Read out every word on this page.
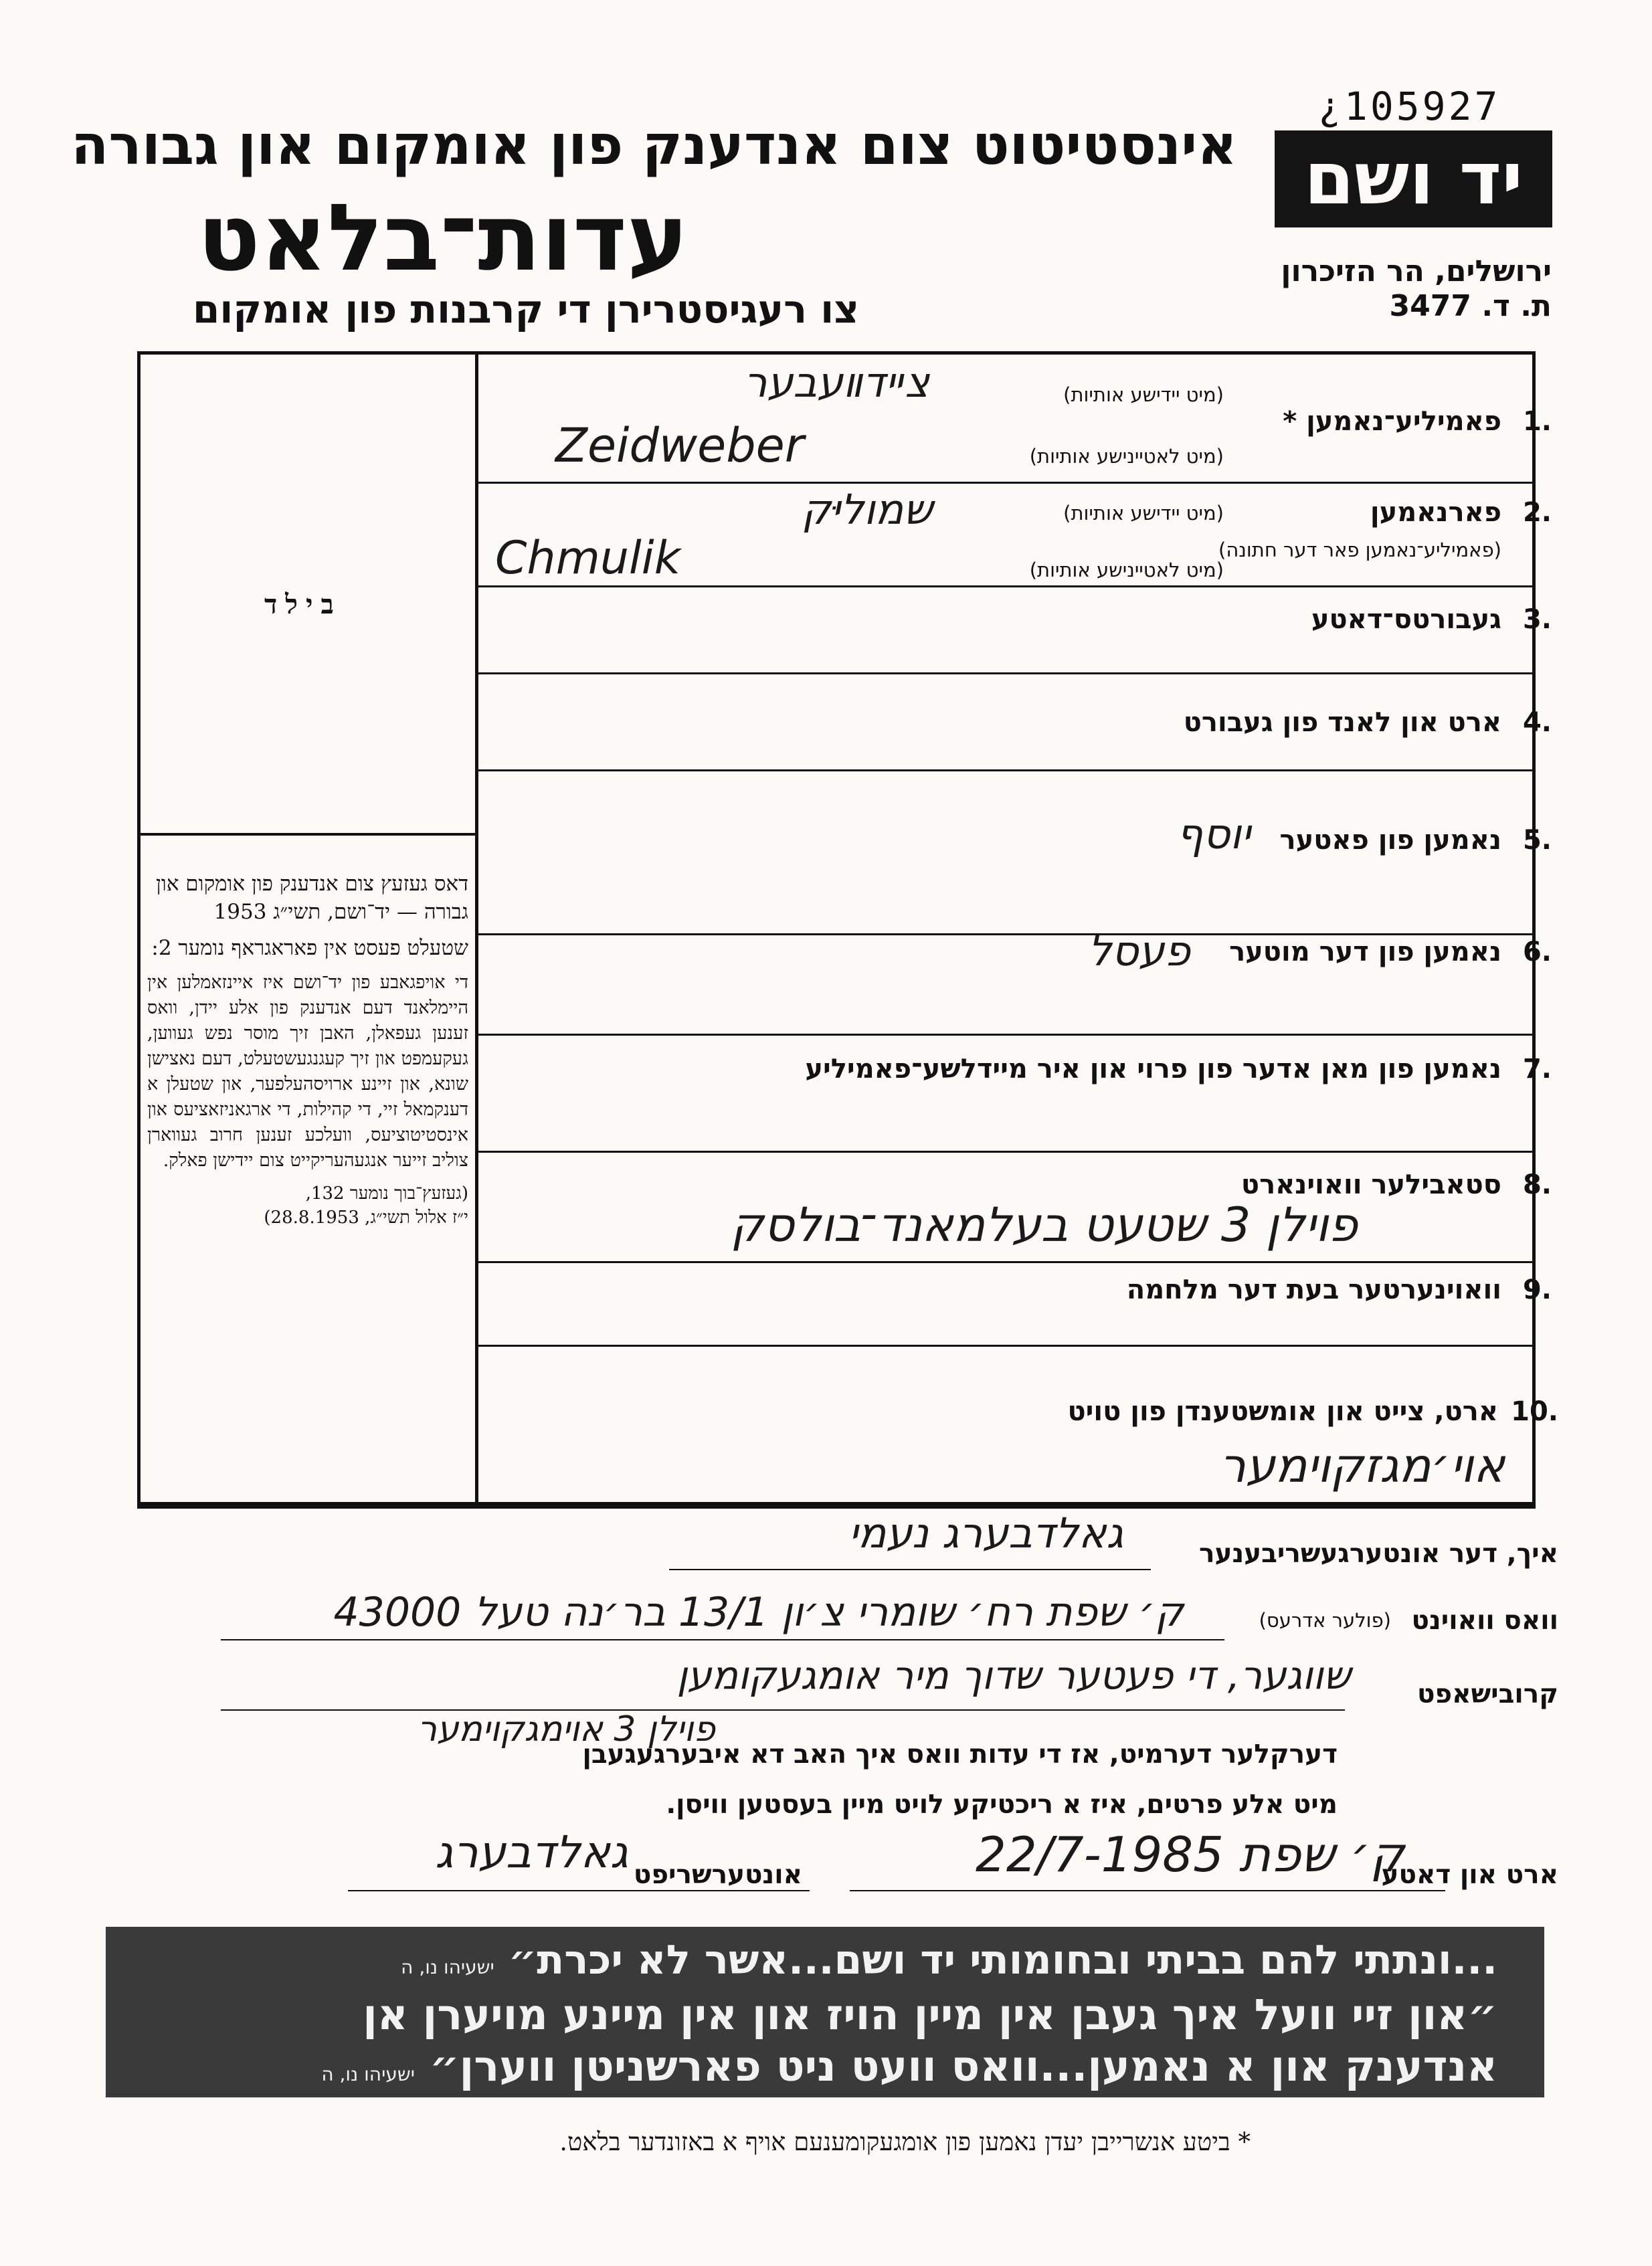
¿105927
יד ושם
אינסטיטוט צום אנדענק פון אומקום און גבורה
עדות־בלאט
צו רעגיסטרירן די קרבנות פון אומקום
ירושלים, הר הזיכרון
ת. ד. 3477
בילד

דאס געזעץ צום אנדענק פון אומקום און גבורה — יד־ושם, תשי״ג 1953

שטעלט פעסט אין פאראגראף נומער 2:

די אויפגאבע פון יד־ושם איז איינזאמלען אין היימלאנד דעם אנדענק פון אלע יידן, וואס זענען געפאלן, האבן זיך מוסר נפש געווען, געקעמפט און זיך קעגנגעשטעלט, דעם נאצישן שונא, און זיינע ארויסהעלפער, און שטעלן א דענקמאל זיי, די קהילות, די ארגאניזאציעס און אינסטיטוציעס, וועלכע זענען חרוב געווארן צוליב זייער אנגעהעריקייט צום יידישן פאלק.

(געזעץ־בוך נומער 132,

י״ז אלול תשי״ג, 28.8.1953)

1.
פאמיליע־נאמען *
(מיט יידישע אותיות)
(מיט לאטיינישע אותיות)
צײדװעבער
Zeidweber
2.
פארנאמען
(פאמיליע־נאמען פאר דער חתונה)
(מיט יידישע אותיות)
(מיט לאטיינישע אותיות)
שמוליּק
Chmulik
3.
געבורטס־דאטע
4.
ארט און לאנד פון געבורט
5.
נאמען פון פאטער
יוסף
6.
נאמען פון דער מוטער
פעסל
7.
נאמען פון מאן אדער פון פרוי און איר מיידלשע־פאמיליע
8.
סטאבילער וואוינארט
פוילן 3 שטעט בעלמאנד־בולסק
9.
וואוינערטער בעת דער מלחמה
10.
ארט, צייט און אומשטענדן פון טויט
אוי׳מגזקוימער
איך, דער אונטערגעשריבענער
גאלדבערג נעמי
וואס וואוינט
(פולער אדרעס)
ק׳ שפת רח׳ שומרי צ׳ון 13/1 בר׳נה טעל 43000
קרובישאפט
שווגער, די פעטער שדוך מיר אומגעקומען
פוילן 3 אוימגקוימער
דערקלער דערמיט, אז די עדות וואס איך האב דא איבערגעגעבן
מיט אלע פרטים, איז א ריכטיקע לויט מיין בעסטען וויסן.
ארט און דאטע
ק׳ שפת 22/7-1985
אונטערשריפט
גאלדבערג
...ונתתי להם בביתי ובחומותי יד ושם...אשר לא יכרת״ ישעיהו נו, ה
״און זיי וועל איך געבן אין מיין הויז און אין מיינע מויערן אן
אנדענק און א נאמען...וואס וועט ניט פארשניטן ווערן״ ישעיהו נו, ה
* ביטע אנשרייבן יעדן נאמען פון אומגעקומענעם אויף א באזונדער בלאט.
